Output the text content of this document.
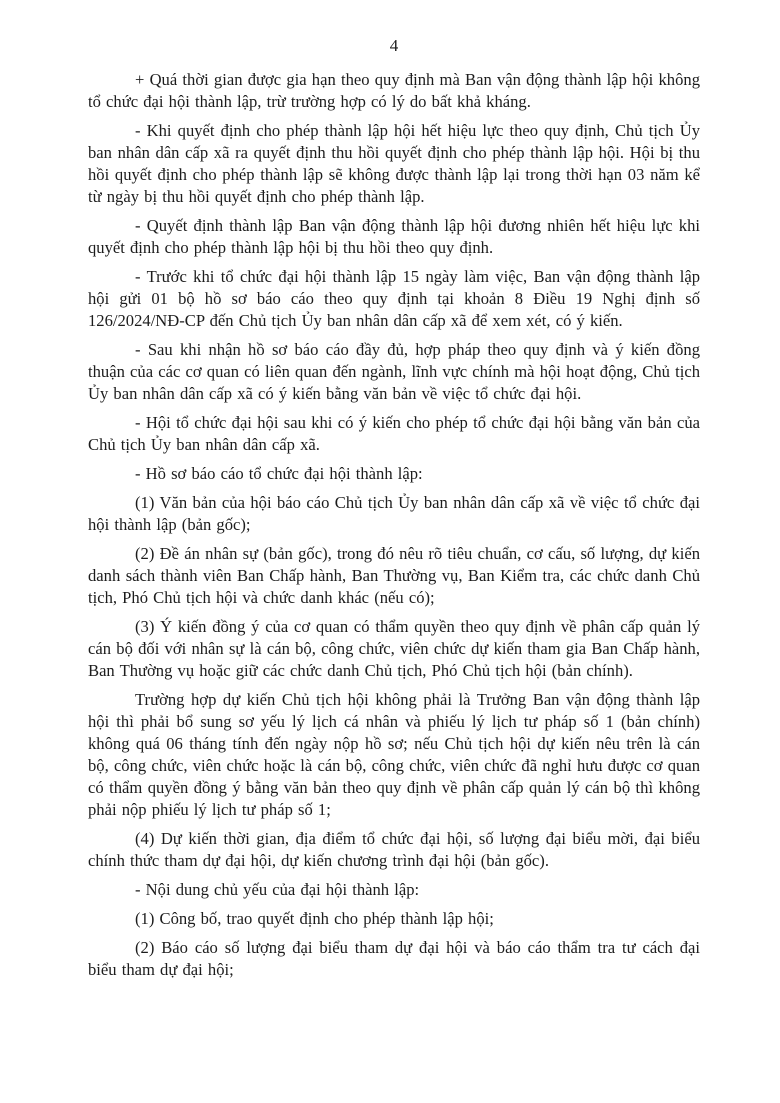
4

+ Quá thời gian được gia hạn theo quy định mà Ban vận động thành lập hội không tổ chức đại hội thành lập, trừ trường hợp có lý do bất khả kháng.

- Khi quyết định cho phép thành lập hội hết hiệu lực theo quy định, Chủ tịch Ủy ban nhân dân cấp xã ra quyết định thu hồi quyết định cho phép thành lập hội. Hội bị thu hồi quyết định cho phép thành lập sẽ không được thành lập lại trong thời hạn 03 năm kể từ ngày bị thu hồi quyết định cho phép thành lập.

- Quyết định thành lập Ban vận động thành lập hội đương nhiên hết hiệu lực khi quyết định cho phép thành lập hội bị thu hồi theo quy định.

- Trước khi tổ chức đại hội thành lập 15 ngày làm việc, Ban vận động thành lập hội gửi 01 bộ hồ sơ báo cáo theo quy định tại khoản 8 Điều 19 Nghị định số 126/2024/NĐ-CP đến Chủ tịch Ủy ban nhân dân cấp xã để xem xét, có ý kiến.

- Sau khi nhận hồ sơ báo cáo đầy đủ, hợp pháp theo quy định và ý kiến đồng thuận của các cơ quan có liên quan đến ngành, lĩnh vực chính mà hội hoạt động, Chủ tịch Ủy ban nhân dân cấp xã có ý kiến bằng văn bản về việc tổ chức đại hội.

- Hội tổ chức đại hội sau khi có ý kiến cho phép tổ chức đại hội bằng văn bản của Chủ tịch Ủy ban nhân dân cấp xã.

- Hồ sơ báo cáo tổ chức đại hội thành lập:

(1) Văn bản của hội báo cáo Chủ tịch Ủy ban nhân dân cấp xã về việc tổ chức đại hội thành lập (bản gốc);

(2) Đề án nhân sự (bản gốc), trong đó nêu rõ tiêu chuẩn, cơ cấu, số lượng, dự kiến danh sách thành viên Ban Chấp hành, Ban Thường vụ, Ban Kiểm tra, các chức danh Chủ tịch, Phó Chủ tịch hội và chức danh khác (nếu có);

(3) Ý kiến đồng ý của cơ quan có thẩm quyền theo quy định về phân cấp quản lý cán bộ đối với nhân sự là cán bộ, công chức, viên chức dự kiến tham gia Ban Chấp hành, Ban Thường vụ hoặc giữ các chức danh Chủ tịch, Phó Chủ tịch hội (bản chính).

Trường hợp dự kiến Chủ tịch hội không phải là Trưởng Ban vận động thành lập hội thì phải bổ sung sơ yếu lý lịch cá nhân và phiếu lý lịch tư pháp số 1 (bản chính) không quá 06 tháng tính đến ngày nộp hồ sơ; nếu Chủ tịch hội dự kiến nêu trên là cán bộ, công chức, viên chức hoặc là cán bộ, công chức, viên chức đã nghỉ hưu được cơ quan có thẩm quyền đồng ý bằng văn bản theo quy định về phân cấp quản lý cán bộ thì không phải nộp phiếu lý lịch tư pháp số 1;

(4) Dự kiến thời gian, địa điểm tổ chức đại hội, số lượng đại biểu mời, đại biểu chính thức tham dự đại hội, dự kiến chương trình đại hội (bản gốc).

- Nội dung chủ yếu của đại hội thành lập:

(1) Công bố, trao quyết định cho phép thành lập hội;

(2) Báo cáo số lượng đại biểu tham dự đại hội và báo cáo thẩm tra tư cách đại biểu tham dự đại hội;
